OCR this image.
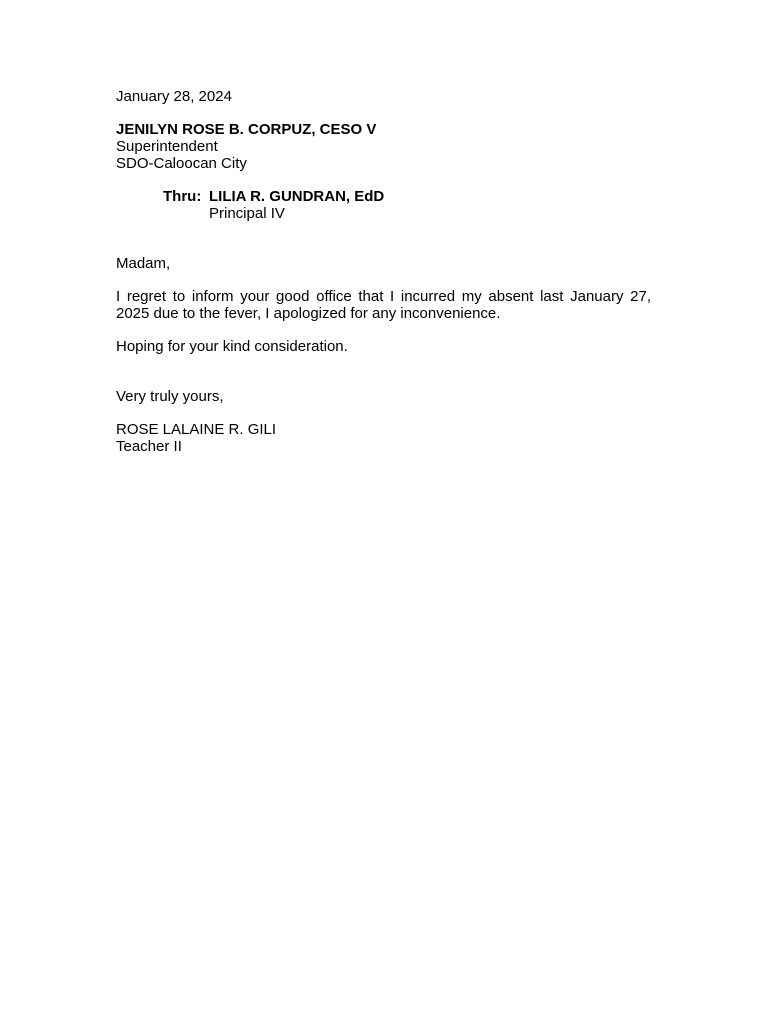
January 28, 2024
JENILYN ROSE B. CORPUZ, CESO V
Superintendent
SDO-Caloocan City
Thru: LILIA R. GUNDRAN, EdD
Principal IV
Madam,
I regret to inform your good office that I incurred my absent last January 27, 2025 due to the fever, I apologized for any inconvenience.
Hoping for your kind consideration.
Very truly yours,
ROSE LALAINE R. GILI
Teacher II
